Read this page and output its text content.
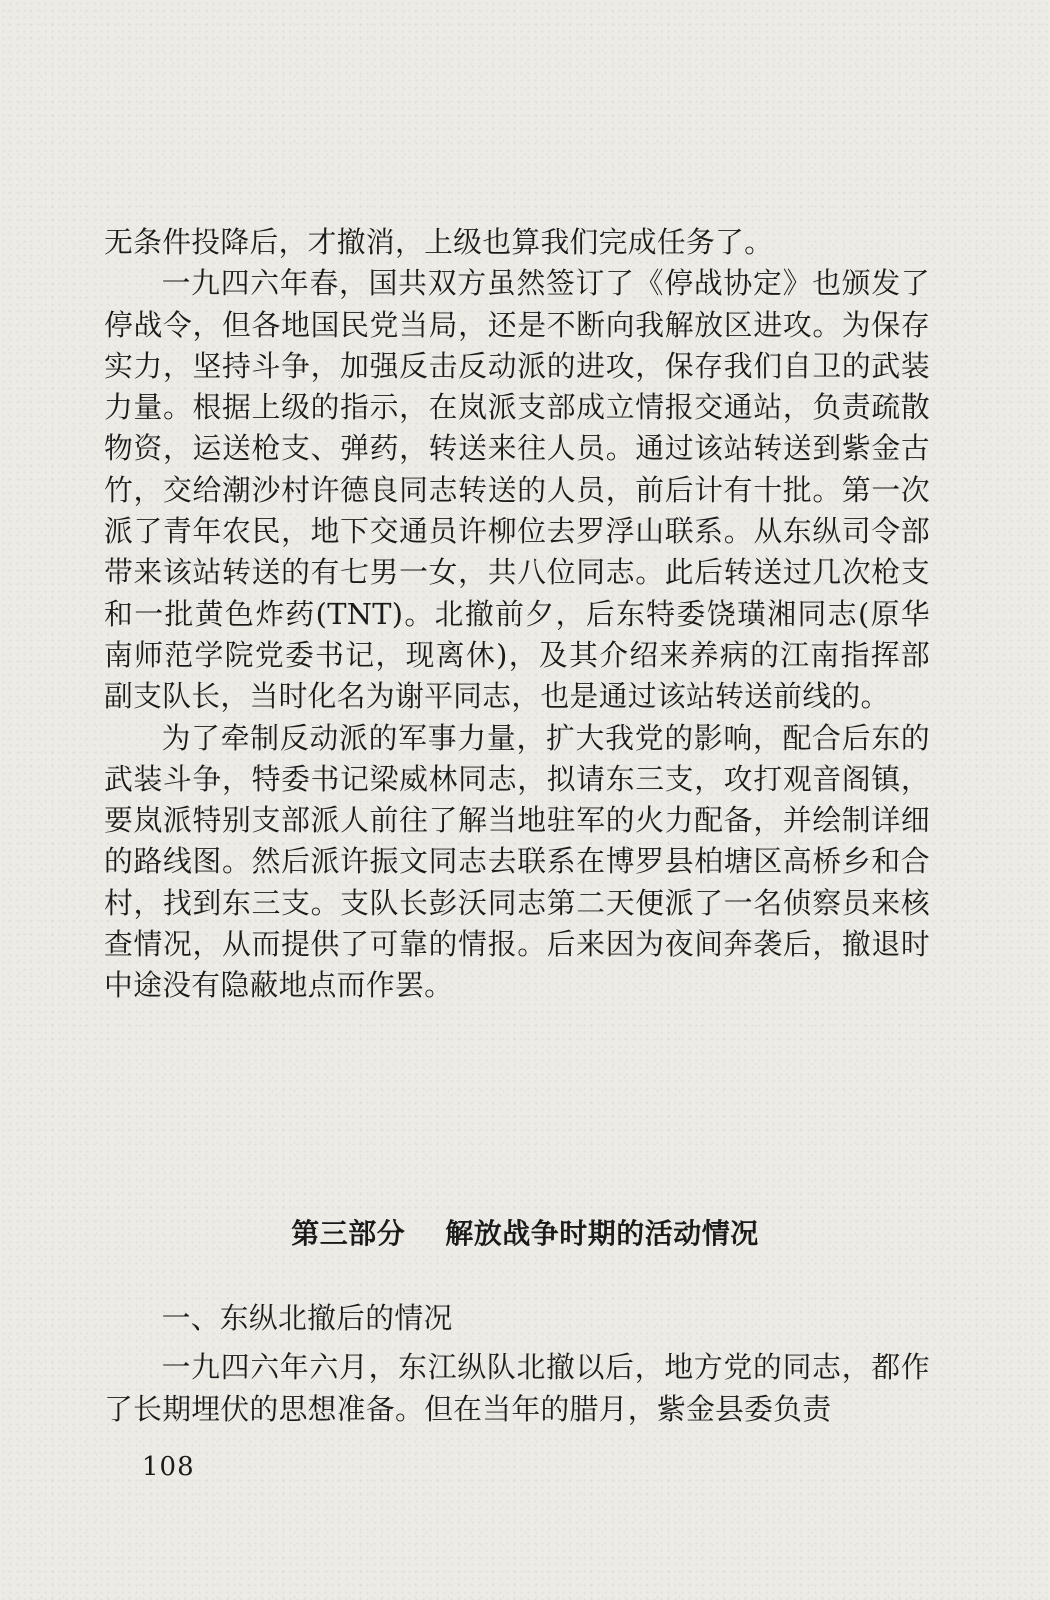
无条件投降后，才撤消，上级也算我们完成任务了。

一九四六年春，国共双方虽然签订了《停战协定》也颁发了停战令，但各地国民党当局，还是不断向我解放区进攻。为保存实力，坚持斗争，加强反击反动派的进攻，保存我们自卫的武装力量。根据上级的指示，在岚派支部成立情报交通站，负责疏散物资，运送枪支、弹药，转送来往人员。通过该站转送到紫金古竹，交给潮沙村许德良同志转送的人员，前后计有十批。第一次派了青年农民，地下交通员许柳位去罗浮山联系。从东纵司令部带来该站转送的有七男一女，共八位同志。此后转送过几次枪支和一批黄色炸药(TNT)。北撤前夕，后东特委饶璜湘同志(原华南师范学院党委书记，现离休)，及其介绍来养病的江南指挥部副支队长，当时化名为谢平同志，也是通过该站转送前线的。

为了牵制反动派的军事力量，扩大我党的影响，配合后东的武装斗争，特委书记梁威林同志，拟请东三支，攻打观音阁镇，要岚派特别支部派人前往了解当地驻军的火力配备，并绘制详细的路线图。然后派许振文同志去联系在博罗县柏塘区高桥乡和合村，找到东三支。支队长彭沃同志第二天便派了一名侦察员来核查情况，从而提供了可靠的情报。后来因为夜间奔袭后，撤退时中途没有隐蔽地点而作罢。

第三部分 解放战争时期的活动情况

一、东纵北撤后的情况

一九四六年六月，东江纵队北撤以后，地方党的同志，都作了长期埋伏的思想准备。但在当年的腊月，紫金县委负责

108
